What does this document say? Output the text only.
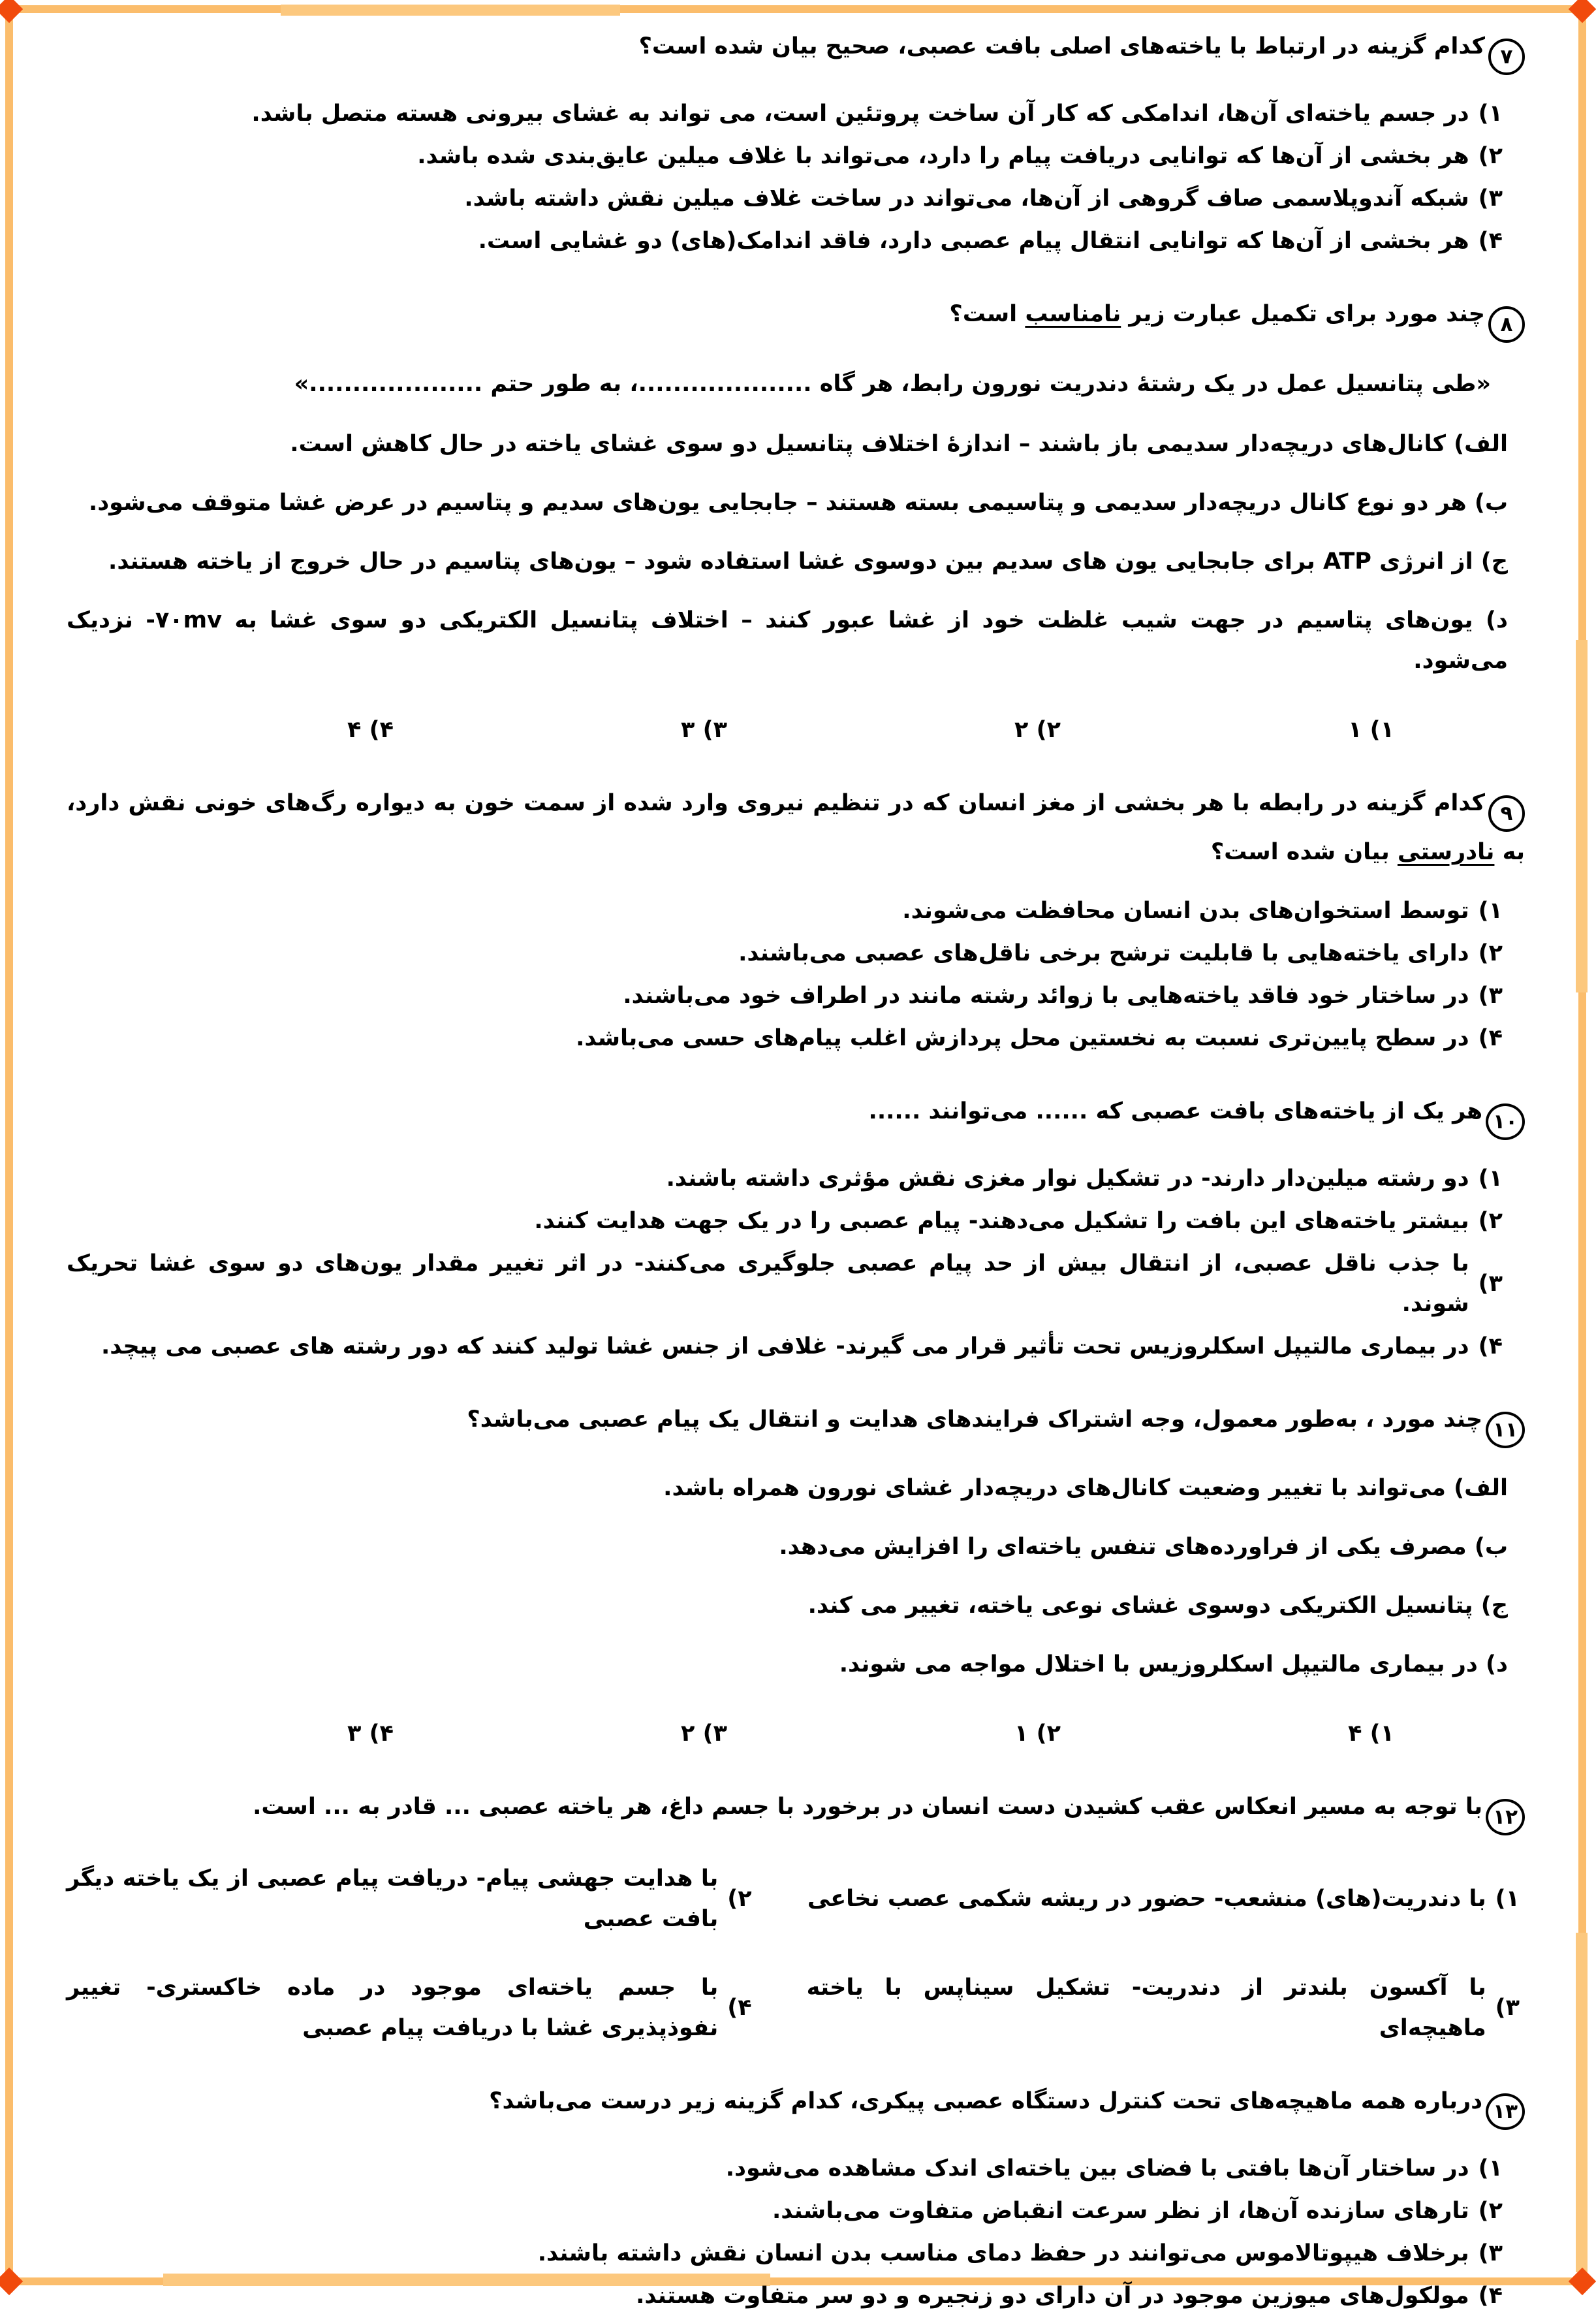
۷کدام گزینه در ارتباط با یاخته‌های اصلی بافت عصبی، صحیح بیان شده است؟
۱)
در جسم یاخته‌ای آن‌ها، اندامکی که کار آن ساخت پروتئین است، می تواند به غشای بیرونی هسته متصل باشد.
۲)
هر بخشی از آن‌ها که توانایی دریافت پیام را دارد، می‌تواند با غلاف میلین عایق‌بندی شده باشد.
۳)
شبکه آندوپلاسمی صاف گروهی از آن‌ها، می‌تواند در ساخت غلاف میلین نقش داشته باشد.
۴)
هر بخشی از آن‌ها که توانایی انتقال پیام عصبی دارد، فاقد اندامک(های) دو غشایی است.
۸چند مورد برای تکمیل عبارت زیر نامناسب است؟
«طی پتانسیل عمل در یک رشتهٔ دندریت نورون رابط، هر گاه ....................، به طور حتم ....................»
الف) کانال‌های دریچه‌دار سدیمی باز باشند – اندازهٔ اختلاف پتانسیل دو سوی غشای یاخته در حال کاهش است.
ب) هر دو نوع کانال دریچه‌دار سدیمی و پتاسیمی بسته هستند – جابجایی یون‌های سدیم و پتاسیم در عرض غشا متوقف می‌شود.
ج) از انرژی ATP برای جابجایی یون های سدیم بین دوسوی غشا استفاده شود – یون‌های پتاسیم در حال خروج از یاخته هستند.
د) یون‌های پتاسیم در جهت شیب غلظت خود از غشا عبور کنند – اختلاف پتانسیل الکتریکی دو سوی غشا به ۷۰mv- نزدیک می‌شود.
۱) ۱
۲) ۲
۳) ۳
۴) ۴
۹کدام گزینه در رابطه با هر بخشی از مغز انسان که در تنظیم نیروی وارد شده از سمت خون به دیواره رگ‌های خونی نقش دارد، به نادرستی بیان شده است؟
۱)
توسط استخوان‌های بدن انسان محافظت می‌شوند.
۲)
دارای یاخته‌هایی با قابلیت ترشح برخی ناقل‌های عصبی می‌باشند.
۳)
در ساختار خود فاقد یاخته‌هایی با زوائد رشته مانند در اطراف خود می‌باشند.
۴)
در سطح پایین‌تری نسبت به نخستین محل پردازش اغلب پیام‌های حسی می‌باشد.
۱۰هر یک از یاخته‌های بافت عصبی که ...... می‌توانند ......
۱)
دو رشته میلین‌دار دارند- در تشکیل نوار مغزی نقش مؤثری داشته باشند.
۲)
بیشتر یاخته‌های این بافت را تشکیل می‌دهند- پیام عصبی را در یک جهت هدایت کنند.
۳)
با جذب ناقل عصبی، از انتقال بیش از حد پیام عصبی جلوگیری می‌کنند- در اثر تغییر مقدار یون‌های دو سوی غشا تحریک شوند.
۴)
در بیماری مالتیپل اسکلروزیس تحت تأثیر قرار می گیرند- غلافی از جنس غشا تولید کنند که دور رشته های عصبی می پیچد.
۱۱چند مورد ، به‌طور معمول، وجه اشتراک فرایندهای هدایت و انتقال یک پیام عصبی می‌باشد؟
الف) می‌تواند با تغییر وضعیت کانال‌های دریچه‌دار غشای نورون همراه باشد.
ب) مصرف یکی از فراورده‌های تنفس یاخته‌ای را افزایش می‌دهد.
ج) پتانسیل الکتریکی دوسوی غشای نوعی یاخته، تغییر می کند.
د) در بیماری مالتیپل اسکلروزیس با اختلال مواجه می شوند.
۱) ۴
۲) ۱
۳) ۲
۴) ۳
۱۲با توجه به مسیر انعکاس عقب کشیدن دست انسان در برخورد با جسم داغ، هر یاخته عصبی ... قادر به ... است.
۱)
با دندریت(های) منشعب- حضور در ریشه شکمی عصب نخاعی
۲)
با هدایت جهشی پیام- دریافت پیام عصبی از یک یاخته دیگر بافت عصبی
۳)
با آکسون بلندتر از دندریت- تشکیل سیناپس با یاخته ماهیچه‌ای
۴)
با جسم یاخته‌ای موجود در ماده خاکستری- تغییر نفوذپذیری غشا با دریافت پیام عصبی
۱۳درباره همه ماهیچه‌های تحت کنترل دستگاه عصبی پیکری، کدام گزینه زیر درست می‌باشد؟
۱)
در ساختار آن‌ها بافتی با فضای بین یاخته‌ای اندک مشاهده می‌شود.
۲)
تارهای سازنده آن‌ها، از نظر سرعت انقباض متفاوت می‌باشند.
۳)
برخلاف هیپوتالاموس می‌توانند در حفظ دمای مناسب بدن انسان نقش داشته باشند.
۴)
مولکول‌های میوزین موجود در آن دارای دو زنجیره و دو سر متفاوت هستند.
